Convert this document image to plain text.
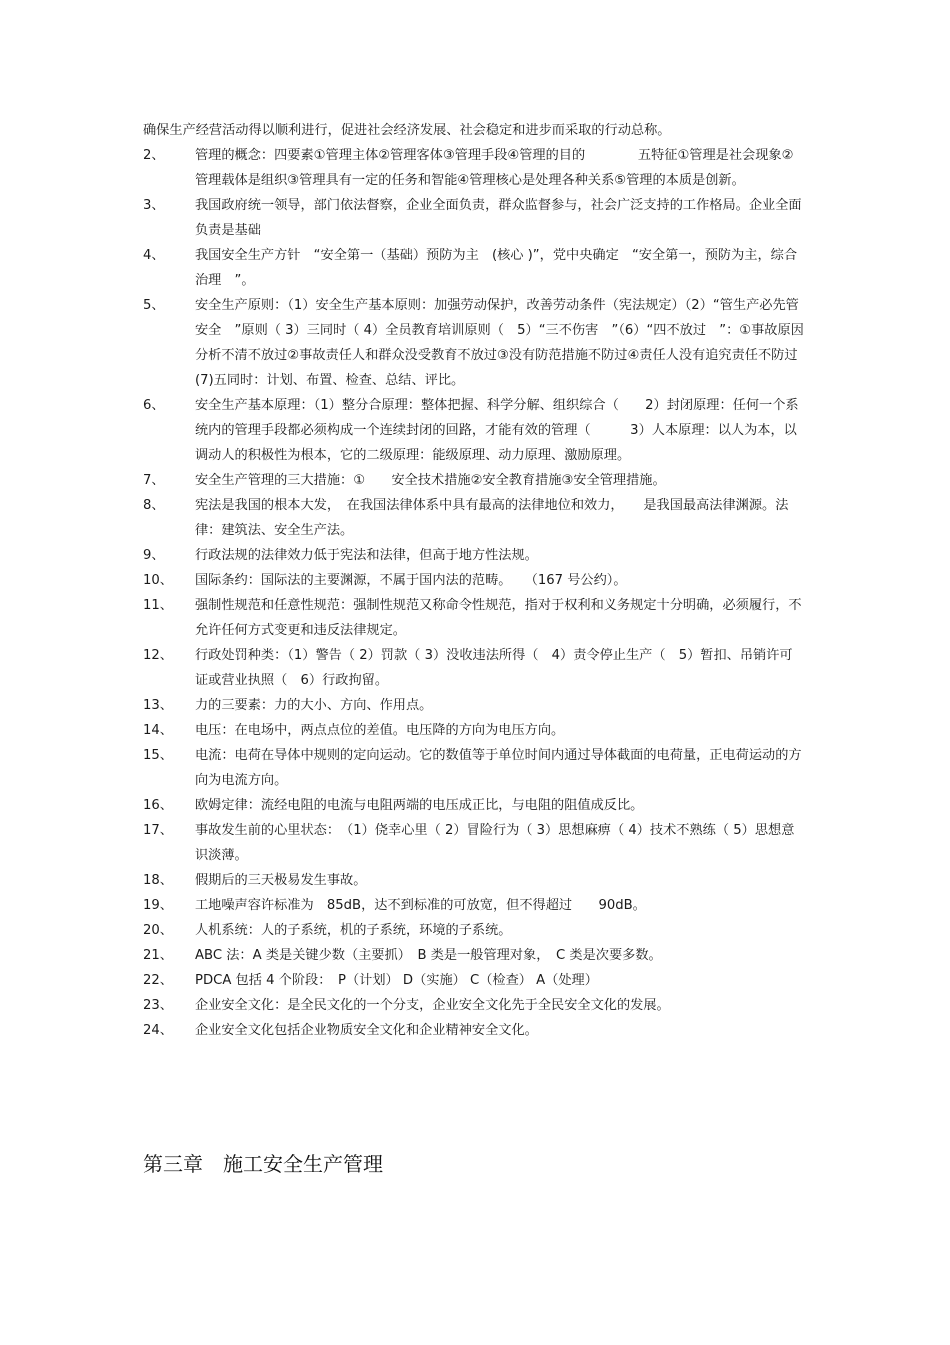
确保生产经营活动得以顺利进行，促进社会经济发展、社会稳定和进步而采取的行动总称。

2、	管理的概念：四要素①管理主体②管理客体③管理手段④管理的目的　　　　五特征①管理是社会现象②管理载体是组织③管理具有一定的任务和智能④管理核心是处理各种关系⑤管理的本质是创新。
3、	我国政府统一领导，部门依法督察，企业全面负责，群众监督参与，社会广泛支持的工作格局。企业全面负责是基础
4、	我国安全生产方针　“安全第一（基础）预防为主　(核心 )”，党中央确定　“安全第一，预防为主，综合治理　”。
5、	安全生产原则：（1）安全生产基本原则：加强劳动保护，改善劳动条件（宪法规定）（2）“管生产必先管安全　”原则（ 3）三同时（ 4）全员教育培训原则（　5）“三不伤害　”（6）“四不放过　”：①事故原因分析不清不放过②事故责任人和群众没受教育不放过③没有防范措施不防过④责任人没有追究责任不防过　　(7)五同时：计划、布置、检查、总结、评比。
6、	安全生产基本原理：（1）整分合原理：整体把握、科学分解、组织综合（　　2）封闭原理：任何一个系统内的管理手段都必须构成一个连续封闭的回路，才能有效的管理（　　　3）人本原理：以人为本，以调动人的积极性为根本，它的二级原理：能级原理、动力原理、激励原理。
7、	安全生产管理的三大措施：①　　安全技术措施②安全教育措施③安全管理措施。
8、	宪法是我国的根本大发，　在我国法律体系中具有最高的法律地位和效力，　　是我国最高法律渊源。法律：建筑法、安全生产法。
9、	行政法规的法律效力低于宪法和法律，但高于地方性法规。
10、	国际条约：国际法的主要渊源，不属于国内法的范畴。　　（167 号公约）。
11、	强制性规范和任意性规范：强制性规范又称命令性规范，指对于权利和义务规定十分明确，必须履行，不允许任何方式变更和违反法律规定。
12、	行政处罚种类：（1）警告（ 2）罚款（ 3）没收违法所得（　4）责令停止生产（　5）暂扣、吊销许可证或营业执照（　6）行政拘留。
13、	力的三要素：力的大小、方向、作用点。
14、	电压：在电场中，两点点位的差值。电压降的方向为电压方向。
15、	电流：电荷在导体中规则的定向运动。它的数值等于单位时间内通过导体截面的电荷量，正电荷运动的方向为电流方向。
16、	欧姆定律：流经电阻的电流与电阻两端的电压成正比，与电阻的阻值成反比。
17、	事故发生前的心里状态：　（1）侥幸心里（ 2）冒险行为（ 3）思想麻痹（ 4）技术不熟练（ 5）思想意识淡薄。
18、	假期后的三天极易发生事故。
19、	工地噪声容许标准为　85dB，达不到标准的可放宽，但不得超过　　90dB。
20、	人机系统：人的子系统，机的子系统，环境的子系统。
21、	ABC 法：A 类是关键少数（主要抓）　B 类是一般管理对象，　C 类是次要多数。
22、	PDCA 包括 4 个阶段：　P（计划） D（实施） C（检查） A（处理）
23、	企业安全文化：是全民文化的一个分支，企业安全文化先于全民安全文化的发展。
24、	企业安全文化包括企业物质安全文化和企业精神安全文化。
第三章　施工安全生产管理
